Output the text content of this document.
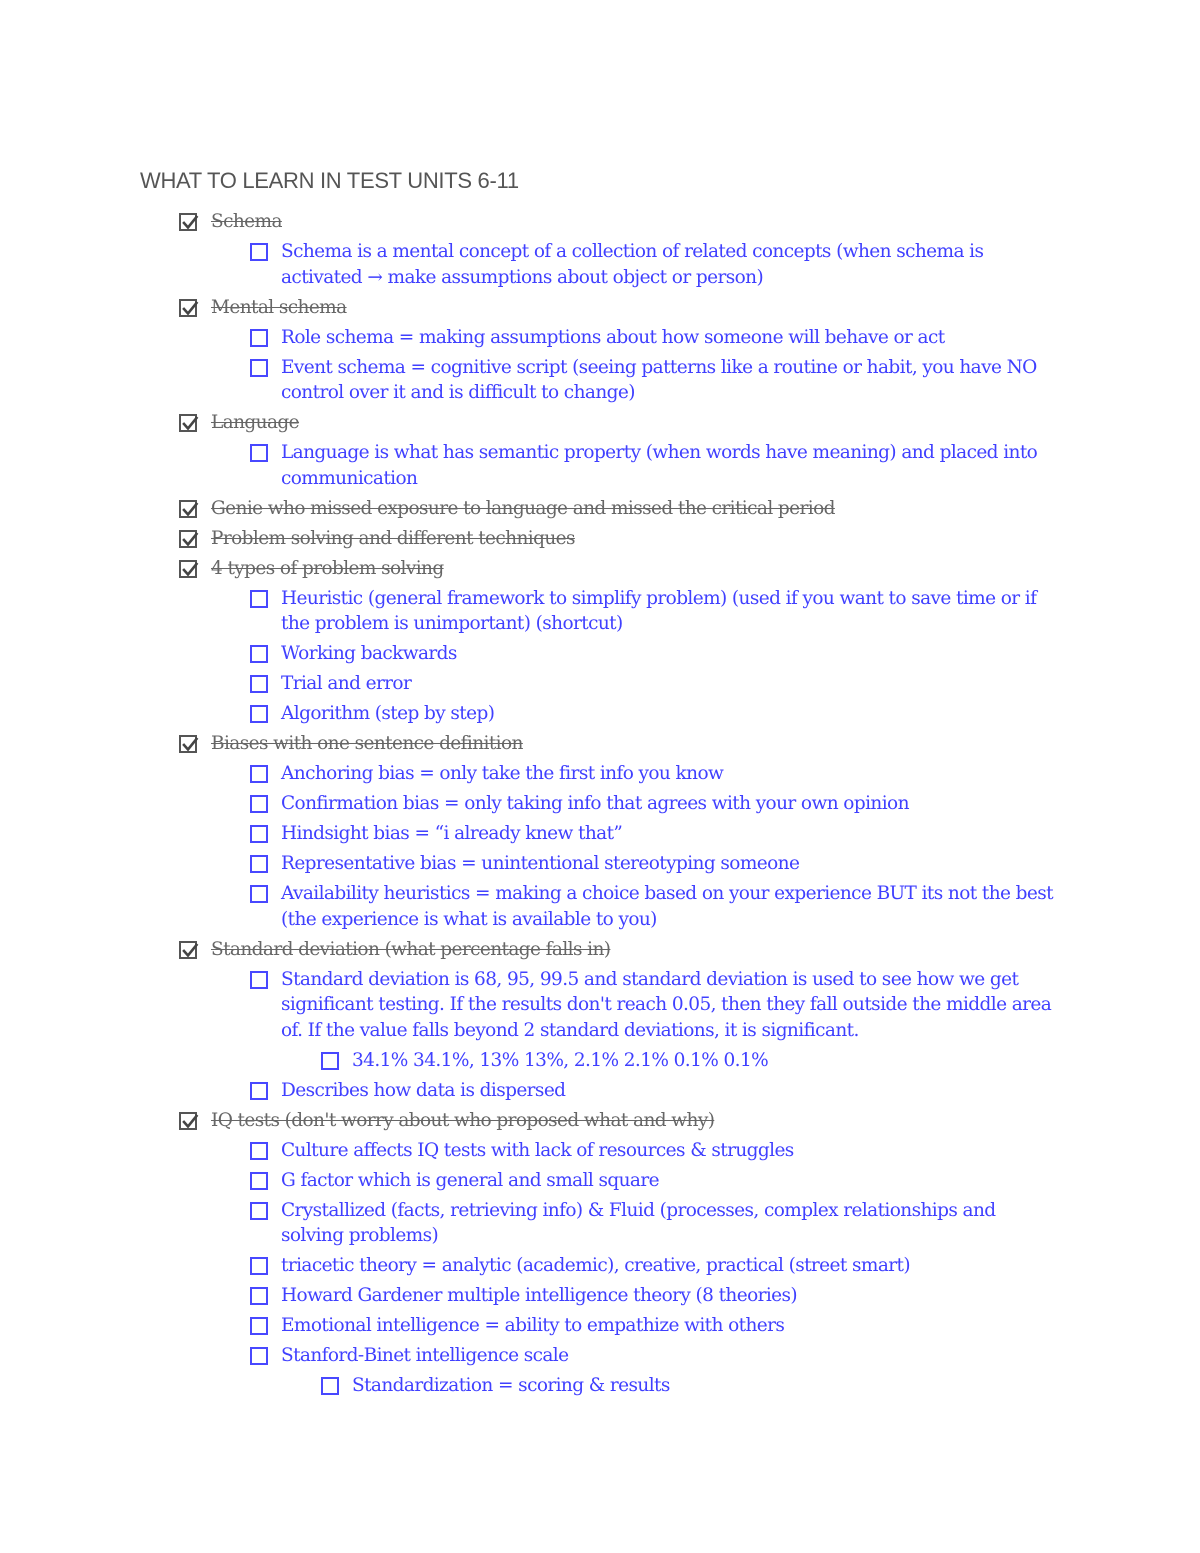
WHAT TO LEARN IN TEST UNITS 6-11
Schema
Schema is a mental concept of a collection of related concepts (when schema is activated → make assumptions about object or person)
Mental schema
Role schema = making assumptions about how someone will behave or act
Event schema = cognitive script (seeing patterns like a routine or habit, you have NO control over it and is difficult to change)
Language
Language is what has semantic property (when words have meaning) and placed into communication
Genie who missed exposure to language and missed the critical period
Problem solving and different techniques
4 types of problem solving
Heuristic (general framework to simplify problem) (used if you want to save time or if the problem is unimportant) (shortcut)
Working backwards
Trial and error
Algorithm (step by step)
Biases with one sentence definition
Anchoring bias = only take the first info you know
Confirmation bias = only taking info that agrees with your own opinion
Hindsight bias = “i already knew that”
Representative bias = unintentional stereotyping someone
Availability heuristics = making a choice based on your experience BUT its not the best (the experience is what is available to you)
Standard deviation (what percentage falls in)
Standard deviation is 68, 95, 99.5 and standard deviation is used to see how we get significant testing. If the results don't reach 0.05, then they fall outside the middle area of. If the value falls beyond 2 standard deviations, it is significant.
34.1% 34.1%, 13% 13%, 2.1% 2.1% 0.1% 0.1%
Describes how data is dispersed
IQ tests (don't worry about who proposed what and why)
Culture affects IQ tests with lack of resources & struggles
G factor which is general and small square
Crystallized (facts, retrieving info) & Fluid (processes, complex relationships and solving problems)
triacetic theory = analytic (academic), creative, practical (street smart)
Howard Gardener multiple intelligence theory (8 theories)
Emotional intelligence = ability to empathize with others
Stanford-Binet intelligence scale
Standardization = scoring & results
